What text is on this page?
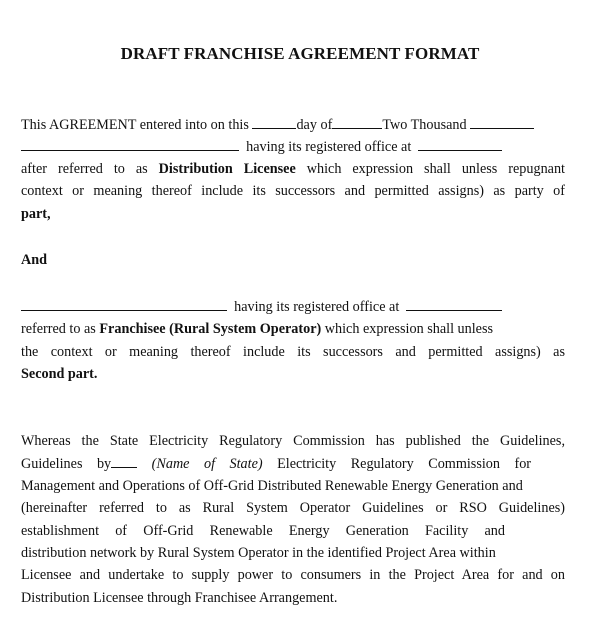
DRAFT FRANCHISE AGREEMENT FORMAT
This AGREEMENT entered into on this	day of	Two Thousand
having its registered office at
after referred to as Distribution Licensee which expression shall unless repugnant
context or meaning thereof include its successors and permitted assigns) as party of
part,
And
having its registered office at
referred to as Franchisee (Rural System Operator) which expression shall unless
the context or meaning thereof include its successors and permitted assigns) as
Second part.
Whereas the State Electricity Regulatory Commission has published the Guidelines,
Guidelines by	(Name of State) Electricity Regulatory Commission for
Management and Operations of Off-Grid Distributed Renewable Energy Generation and
(hereinafter referred to as Rural System Operator Guidelines or RSO Guidelines)
establishment of Off-Grid Renewable Energy Generation Facility and
distribution network by Rural System Operator in the identified Project Area within
Licensee and undertake to supply power to consumers in the Project Area for and on
Distribution Licensee through Franchisee Arrangement.
